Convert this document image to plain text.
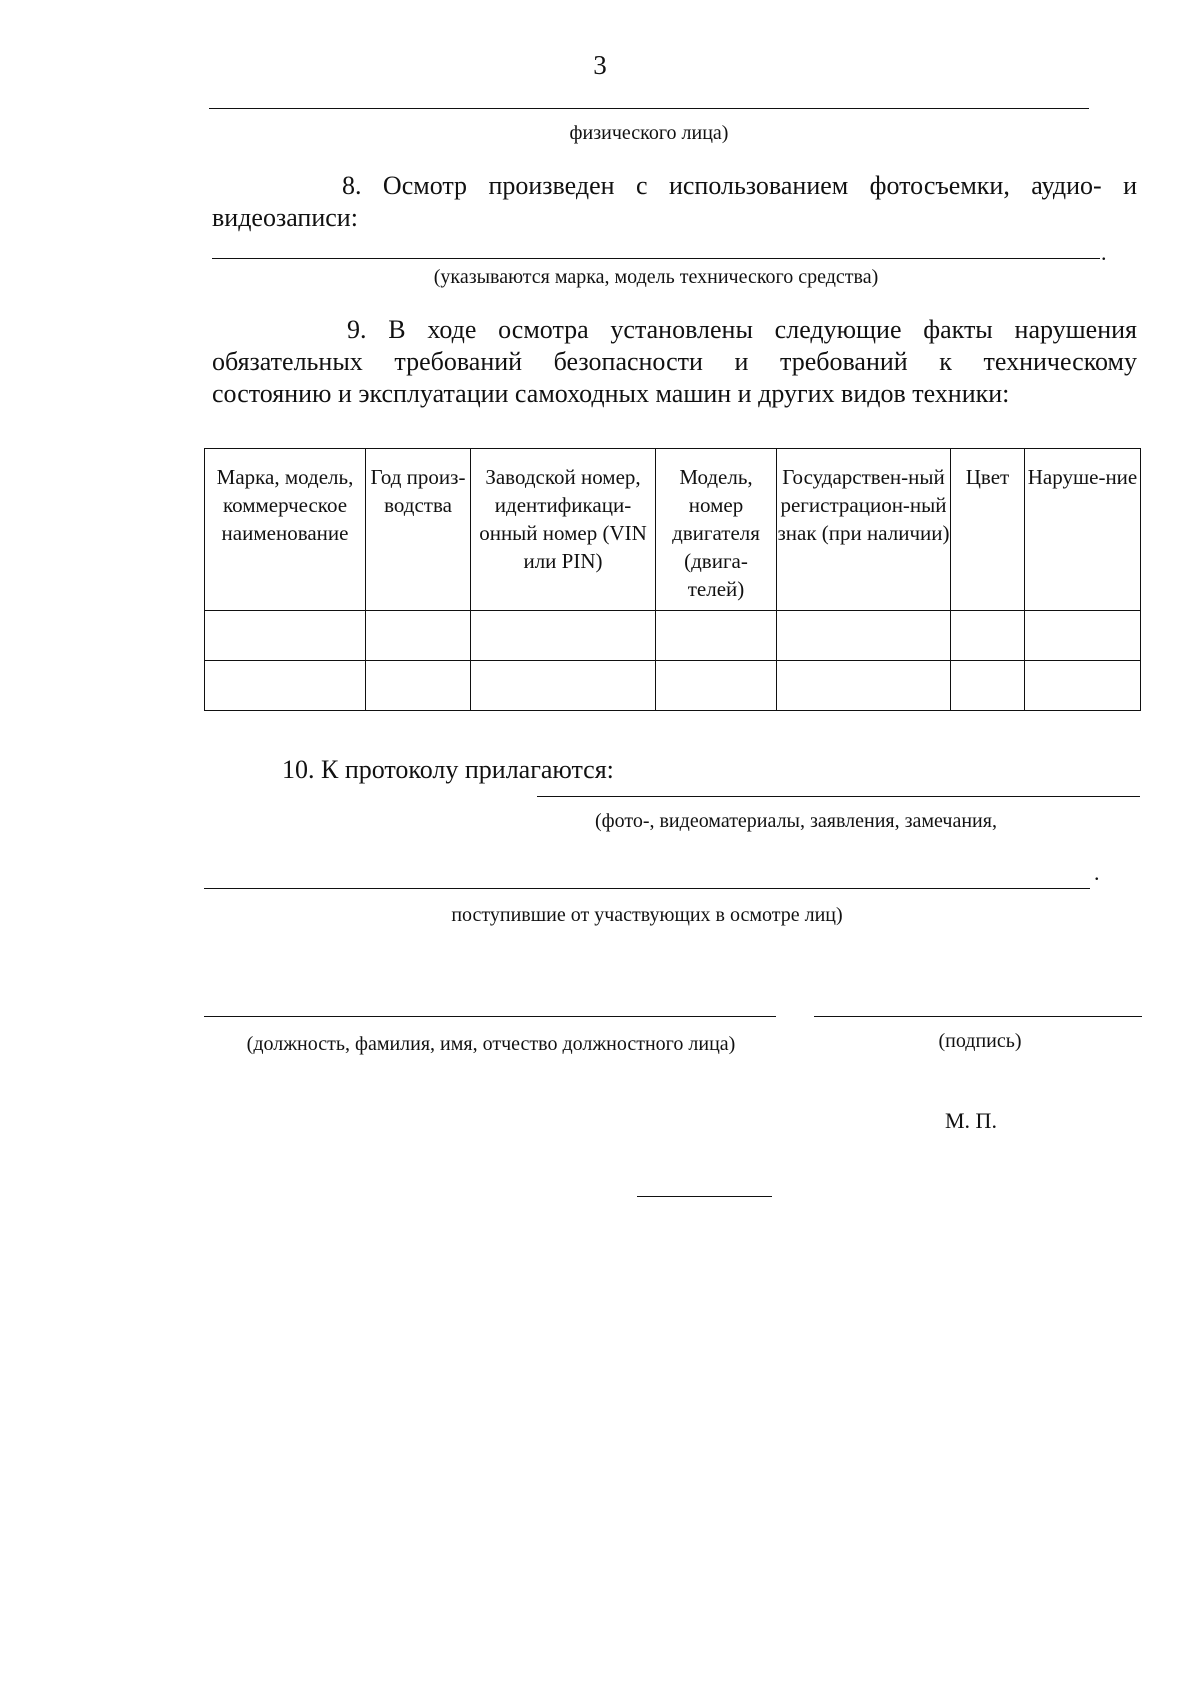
3
физического лица)
8. Осмотр произведен с использованием фотосъемки, аудио- и
видеозаписи:
.
(указываются марка, модель технического средства)
9. В ходе осмотра установлены следующие факты нарушения
обязательных требований безопасности и требований к техническому
состоянию и эксплуатации самоходных машин и других видов техники:
Марка, модель, коммерческое наименование	Год произ-водства	Заводской номер, идентификаци-онный номер (VIN или PIN)	Модель, номер двигателя (двига-телей)	Государствен-ный регистрацион-ный знак (при наличии)	Цвет	Наруше-ние

10. К протоколу прилагаются:
(фото-, видеоматериалы, заявления, замечания,
.
поступившие от участвующих в осмотре лиц)
(должность, фамилия, имя, отчество должностного лица)	(подпись)
М. П.
